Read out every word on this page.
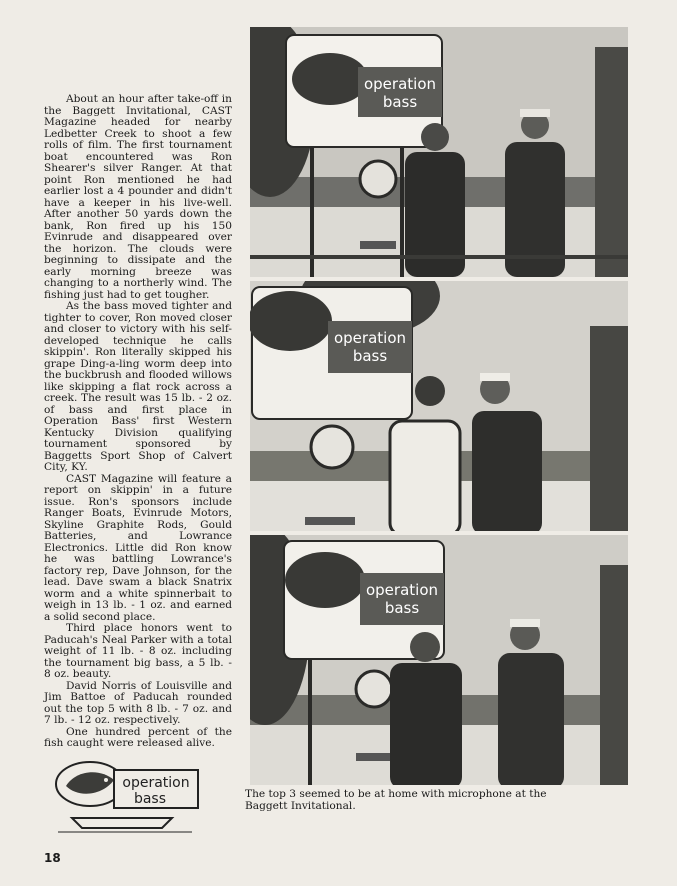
About an hour after take-off in the Baggett Invitational, CAST Magazine headed for nearby Ledbetter Creek to shoot a few rolls of film. The first tournament boat encountered was Ron Shearer's silver Ranger. At that point Ron mentioned he had earlier lost a 4 pounder and didn't have a keeper in his live-well. After another 50 yards down the bank, Ron fired up his 150 Evinrude and disappeared over the horizon. The clouds were beginning to dissipate and the early morning breeze was changing to a northerly wind. The fishing just had to get tougher.

As the bass moved tighter and tighter to cover, Ron moved closer and closer to victory with his self-developed technique he calls skippin'. Ron literally skipped his grape Ding-a-ling worm deep into the buckbrush and flooded willows like skipping a flat rock across a creek. The result was 15 lb. - 2 oz. of bass and first place in Operation Bass' first Western Kentucky Division qualifying tournament sponsored by Baggetts Sport Shop of Calvert City, KY.

CAST Magazine will feature a report on skippin' in a future issue. Ron's sponsors include Ranger Boats, Evinrude Motors, Skyline Graphite Rods, Gould Batteries, and Lowrance Electronics. Little did Ron know he was battling Lowrance's factory rep, Dave Johnson, for the lead. Dave swam a black Snatrix worm and a white spinnerbait to weigh in 13 lb. - 1 oz. and earned a solid second place.

Third place honors went to Paducah's Neal Parker with a total weight of 11 lb. - 8 oz. including the tournament big bass, a 5 lb. - 8 oz. beauty.

David Norris of Louisville and Jim Battoe of Paducah rounded out the top 5 with 8 lb. - 7 oz. and 7 lb. - 12 oz. respectively.

One hundred percent of the fish caught were released alive.

operation
bass
operation
bass
operation
bass
The top 3 seemed to be at home with microphone at the Baggett Invitational.
operation
bass
18
